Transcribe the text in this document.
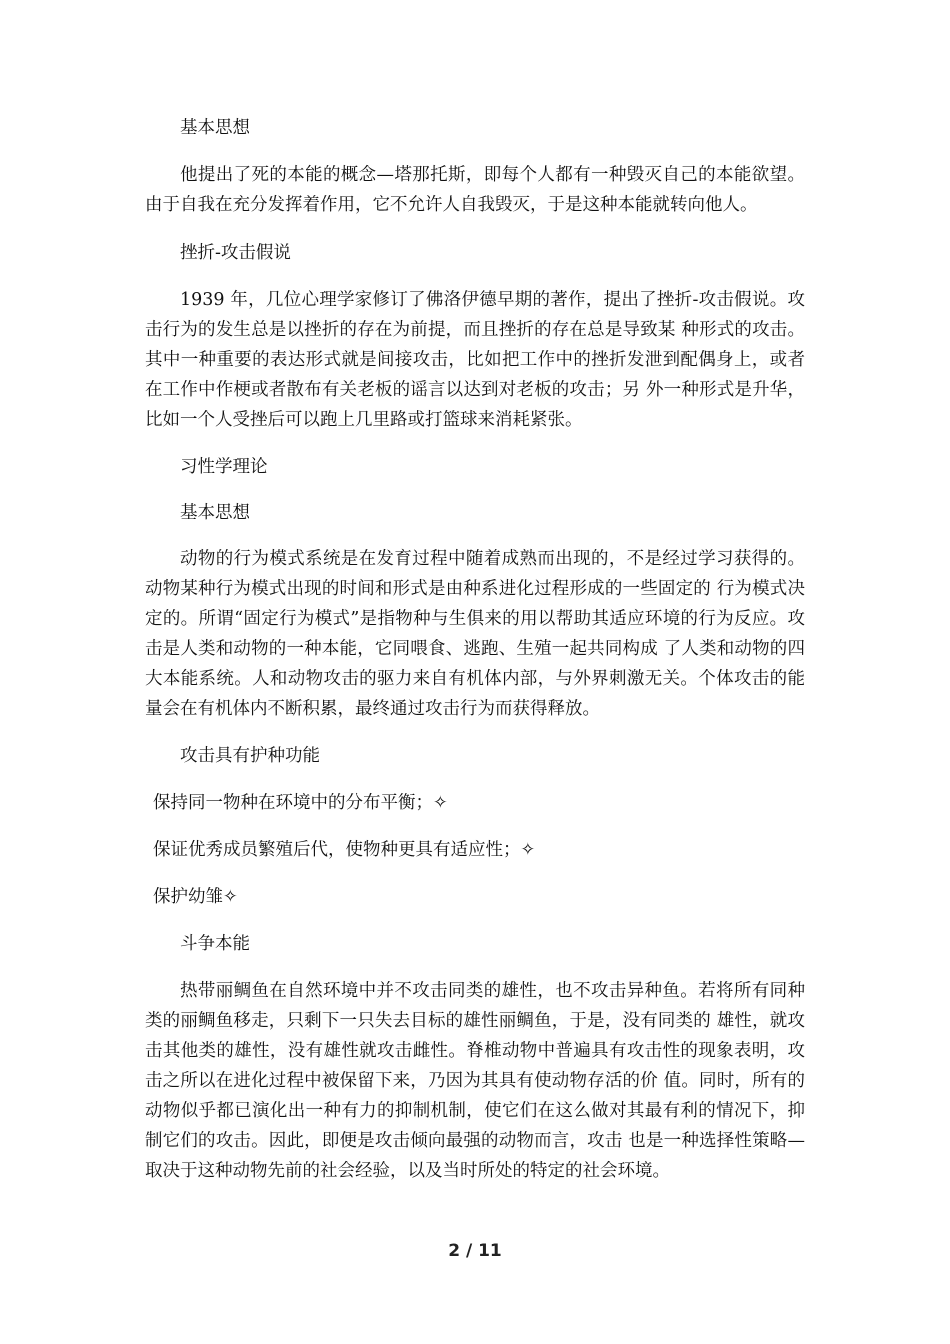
基本思想

他提出了死的本能的概念—塔那托斯，即每个人都有一种毁灭自己的本能欲望。由于自我在充分发挥着作用，它不允许人自我毁灭，于是这种本能就转向他人。

挫折-攻击假说

1939 年，几位心理学家修订了佛洛伊德早期的著作，提出了挫折-攻击假说。攻击行为的发生总是以挫折的存在为前提，而且挫折的存在总是导致某 种形式的攻击。其中一种重要的表达形式就是间接攻击，比如把工作中的挫折发泄到配偶身上，或者在工作中作梗或者散布有关老板的谣言以达到对老板的攻击；另 外一种形式是升华，比如一个人受挫后可以跑上几里路或打篮球来消耗紧张。

习性学理论

基本思想

动物的行为模式系统是在发育过程中随着成熟而出现的，不是经过学习获得的。动物某种行为模式出现的时间和形式是由种系进化过程形成的一些固定的 行为模式决定的。所谓“固定行为模式”是指物种与生俱来的用以帮助其适应环境的行为反应。攻击是人类和动物的一种本能，它同喂食、逃跑、生殖一起共同构成 了人类和动物的四大本能系统。人和动物攻击的驱力来自有机体内部，与外界刺激无关。个体攻击的能量会在有机体内不断积累，最终通过攻击行为而获得释放。

攻击具有护种功能

保持同一物种在环境中的分布平衡；✧

保证优秀成员繁殖后代，使物种更具有适应性；✧

保护幼雏✧

斗争本能

热带丽鲷鱼在自然环境中并不攻击同类的雄性，也不攻击异种鱼。若将所有同种类的丽鲷鱼移走，只剩下一只失去目标的雄性丽鲷鱼，于是，没有同类的 雄性，就攻击其他类的雄性，没有雄性就攻击雌性。脊椎动物中普遍具有攻击性的现象表明，攻击之所以在进化过程中被保留下来，乃因为其具有使动物存活的价 值。同时，所有的动物似乎都已演化出一种有力的抑制机制，使它们在这么做对其最有利的情况下，抑制它们的攻击。因此，即便是攻击倾向最强的动物而言，攻击 也是一种选择性策略—取决于这种动物先前的社会经验，以及当时所处的特定的社会环境。

2 / 11
